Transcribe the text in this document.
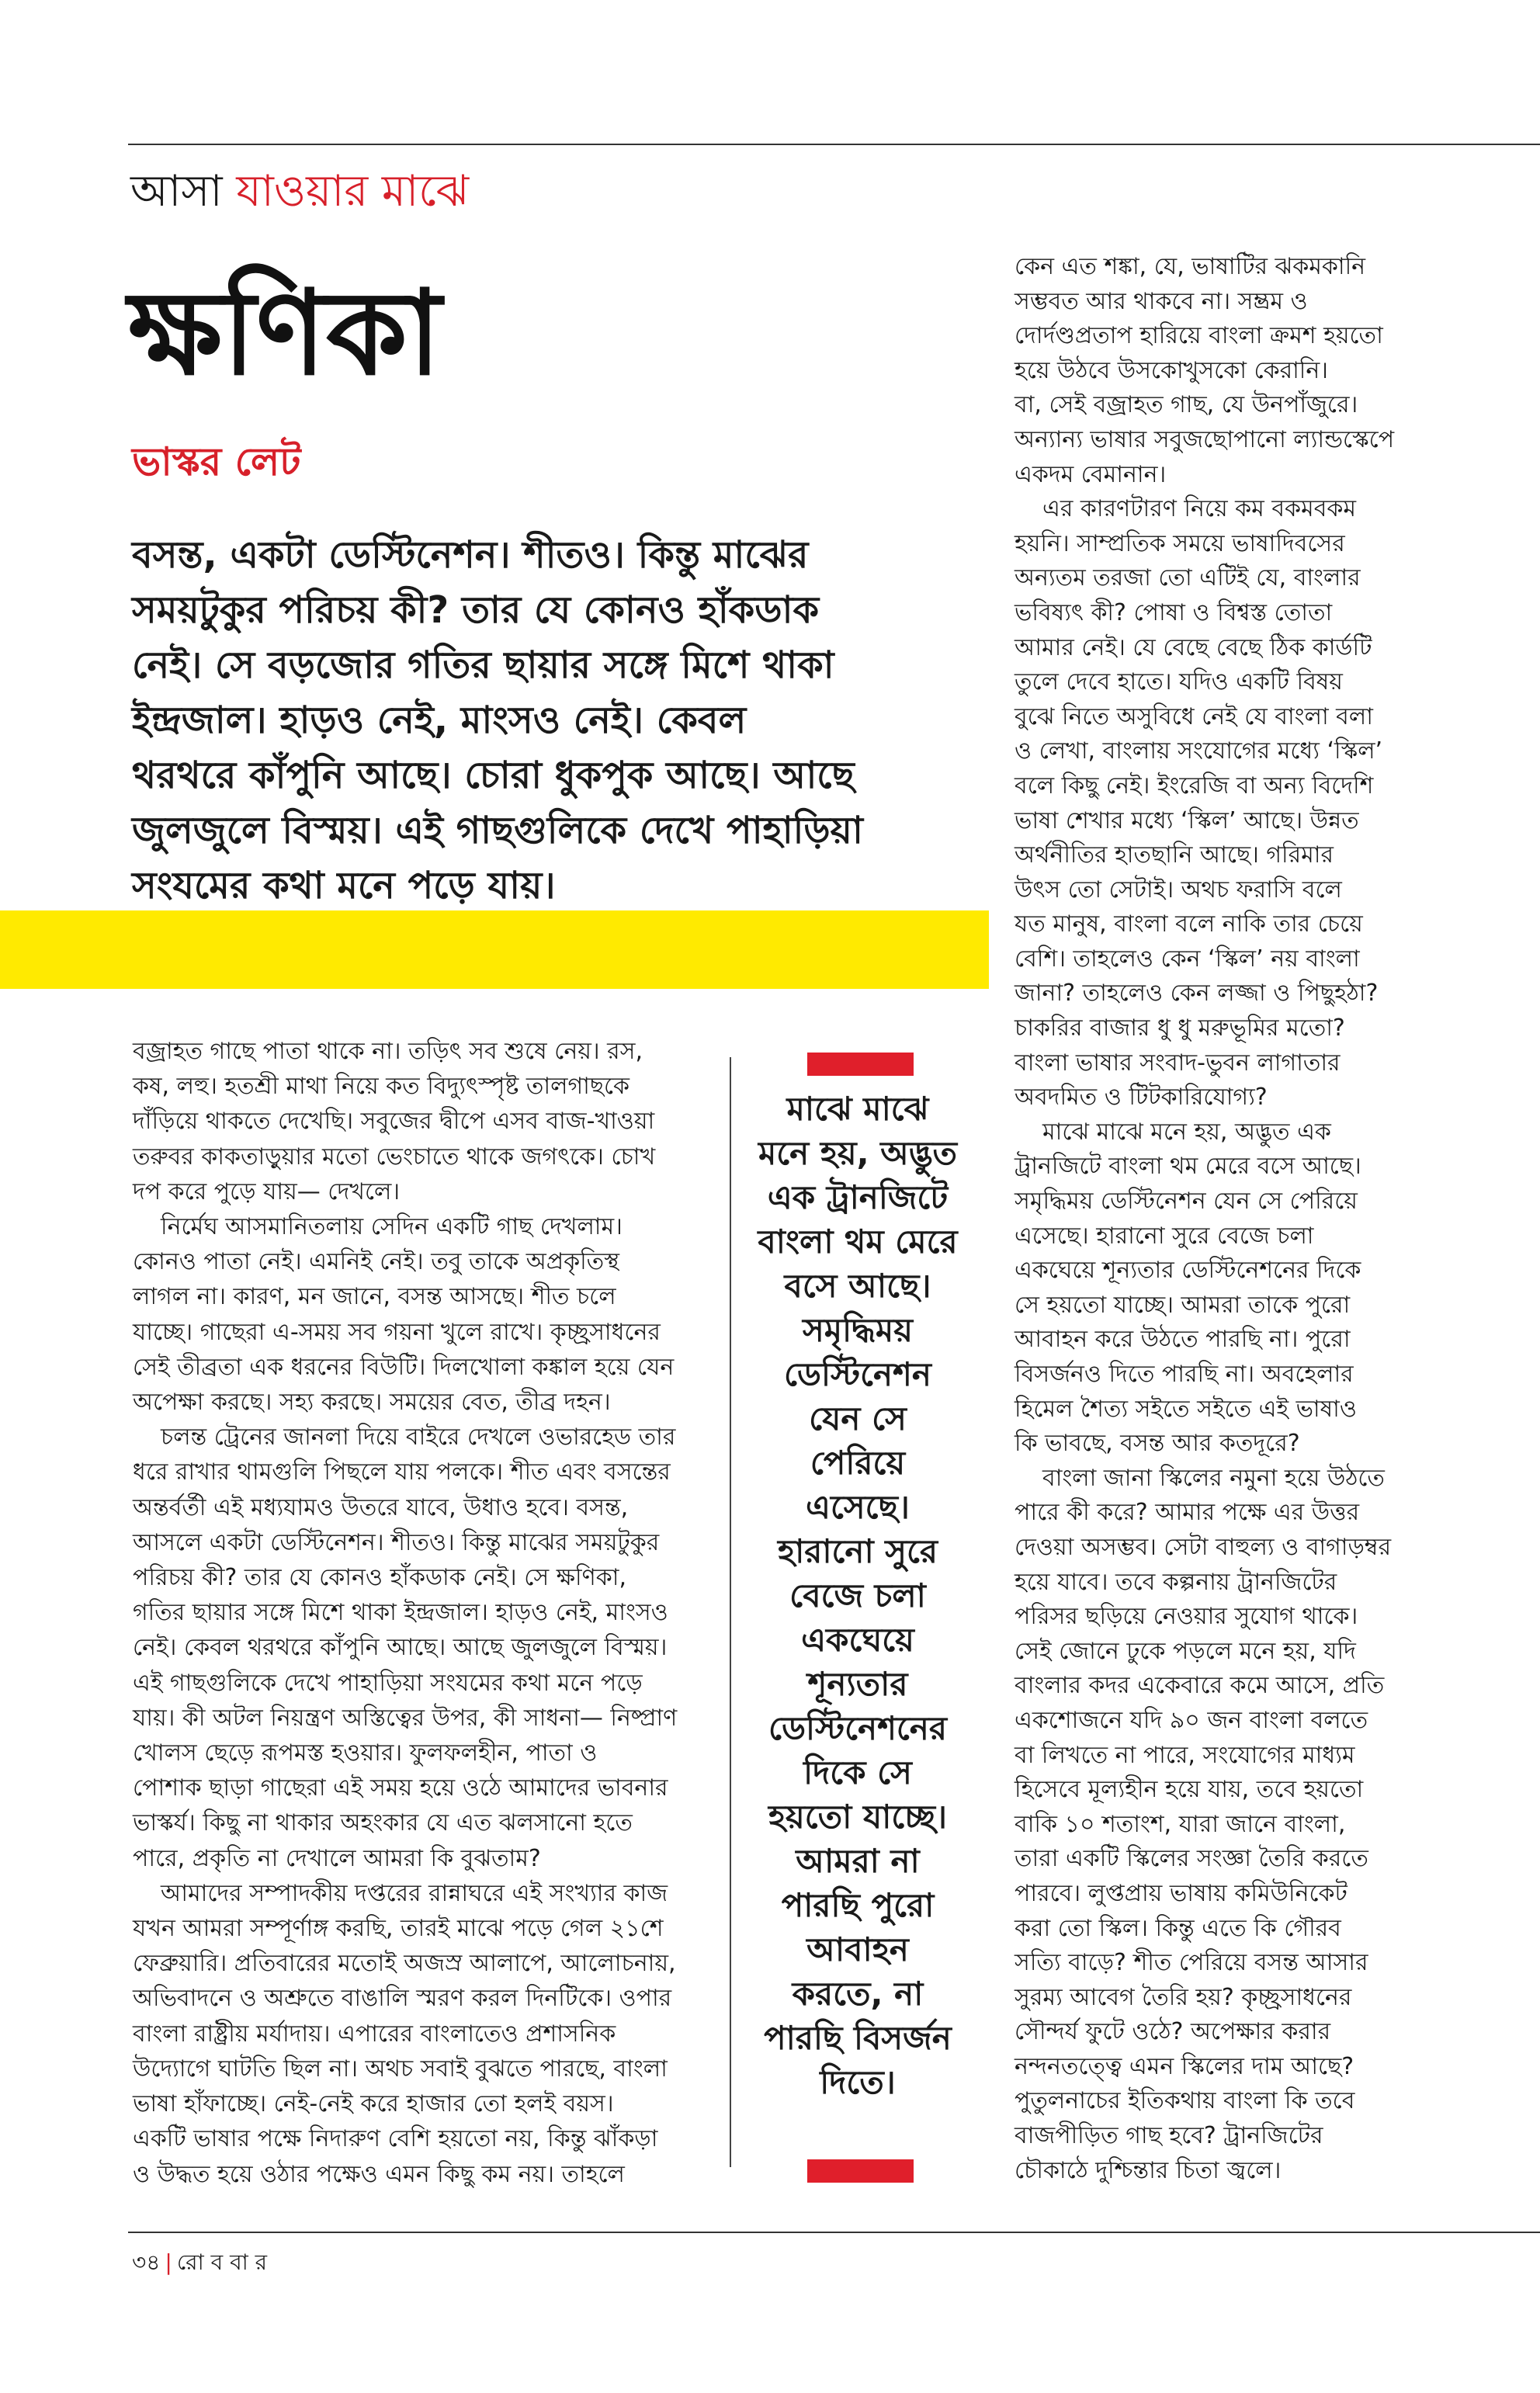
আসা যাওয়ার মাঝে
ক্ষণিকা
ভাস্কর লেট
বসন্ত, একটা ডেস্টিনেশন। শীতও। কিন্তু মাঝের
সময়টুকুর পরিচয় কী? তার যে কোনও হাঁকডাক
নেই। সে বড়জোর গতির ছায়ার সঙ্গে মিশে থাকা
ইন্দ্রজাল। হাড়ও নেই, মাংসও নেই। কেবল
থরথরে কাঁপুনি আছে। চোরা ধুকপুক আছে। আছে
জুলজুলে বিস্ময়। এই গাছগুলিকে দেখে পাহাড়িয়া
সংযমের কথা মনে পড়ে যায়।
বজ্রাহত গাছে পাতা থাকে না। তড়িৎ সব শুষে নেয়। রস,
কষ, লহু। হতশ্রী মাথা নিয়ে কত বিদ্যুৎস্পৃষ্ট তালগাছকে
দাঁড়িয়ে থাকতে দেখেছি। সবুজের দ্বীপে এসব বাজ-খাওয়া
তরুবর কাকতাড়ুয়ার মতো ভেংচাতে থাকে জগৎকে। চোখ
দপ করে পুড়ে যায়— দেখলে।
নির্মেঘ আসমানিতলায় সেদিন একটি গাছ দেখলাম।
কোনও পাতা নেই। এমনিই নেই। তবু তাকে অপ্রকৃতিস্থ
লাগল না। কারণ, মন জানে, বসন্ত আসছে। শীত চলে
যাচ্ছে। গাছেরা এ-সময় সব গয়না খুলে রাখে। কৃচ্ছ্রসাধনের
সেই তীব্রতা এক ধরনের বিউটি। দিলখোলা কঙ্কাল হয়ে যেন
অপেক্ষা করছে। সহ্য করছে। সময়ের বেত, তীব্র দহন।
চলন্ত ট্রেনের জানলা দিয়ে বাইরে দেখলে ওভারহেড তার
ধরে রাখার থামগুলি পিছলে যায় পলকে। শীত এবং বসন্তের
অন্তর্বর্তী এই মধ্যযামও উতরে যাবে, উধাও হবে। বসন্ত,
আসলে একটা ডেস্টিনেশন। শীতও। কিন্তু মাঝের সময়টুকুর
পরিচয় কী? তার যে কোনও হাঁকডাক নেই। সে ক্ষণিকা,
গতির ছায়ার সঙ্গে মিশে থাকা ইন্দ্রজাল। হাড়ও নেই, মাংসও
নেই। কেবল থরথরে কাঁপুনি আছে। আছে জুলজুলে বিস্ময়।
এই গাছগুলিকে দেখে পাহাড়িয়া সংযমের কথা মনে পড়ে
যায়। কী অটল নিয়ন্ত্রণ অস্তিত্বের উপর, কী সাধনা— নিষ্প্রাণ
খোলস ছেড়ে রূপমস্ত হওয়ার। ফুলফলহীন, পাতা ও
পোশাক ছাড়া গাছেরা এই সময় হয়ে ওঠে আমাদের ভাবনার
ভাস্কর্য। কিছু না থাকার অহংকার যে এত ঝলসানো হতে
পারে, প্রকৃতি না দেখালে আমরা কি বুঝতাম?
আমাদের সম্পাদকীয় দপ্তরের রান্নাঘরে এই সংখ্যার কাজ
যখন আমরা সম্পূর্ণাঙ্গ করছি, তারই মাঝে পড়ে গেল ২১শে
ফেব্রুয়ারি। প্রতিবারের মতোই অজস্র আলাপে, আলোচনায়,
অভিবাদনে ও অশ্রুতে বাঙালি স্মরণ করল দিনটিকে। ওপার
বাংলা রাষ্ট্রীয় মর্যাদায়। এপারের বাংলাতেও প্রশাসনিক
উদ্যোগে ঘাটতি ছিল না। অথচ সবাই বুঝতে পারছে, বাংলা
ভাষা হাঁফাচ্ছে। নেই-নেই করে হাজার তো হলই বয়স।
একটি ভাষার পক্ষে নিদারুণ বেশি হয়তো নয়, কিন্তু ঝাঁকড়া
ও উদ্ধত হয়ে ওঠার পক্ষেও এমন কিছু কম নয়। তাহলে
মাঝে মাঝে
মনে হয়, অদ্ভুত
এক ট্রানজিটে
বাংলা থম মেরে
বসে আছে।
সমৃদ্ধিময়
ডেস্টিনেশন
যেন সে
পেরিয়ে
এসেছে।
হারানো সুরে
বেজে চলা
একঘেয়ে
শূন্যতার
ডেস্টিনেশনের
দিকে সে
হয়তো যাচ্ছে।
আমরা না
পারছি পুরো
আবাহন
করতে, না
পারছি বিসর্জন
দিতে।
কেন এত শঙ্কা, যে, ভাষাটির ঝকমকানি
সম্ভবত আর থাকবে না। সম্ভ্রম ও
দোর্দণ্ডপ্রতাপ হারিয়ে বাংলা ক্রমশ হয়তো
হয়ে উঠবে উসকোখুসকো কেরানি।
বা, সেই বজ্রাহত গাছ, যে উনপাঁজুরে।
অন্যান্য ভাষার সবুজছোপানো ল্যান্ডস্কেপে
একদম বেমানান।
এর কারণটারণ নিয়ে কম বকমবকম
হয়নি। সাম্প্রতিক সময়ে ভাষাদিবসের
অন্যতম তরজা তো এটিই যে, বাংলার
ভবিষ্যৎ কী? পোষা ও বিশ্বস্ত তোতা
আমার নেই। যে বেছে বেছে ঠিক কার্ডটি
তুলে দেবে হাতে। যদিও একটি বিষয়
বুঝে নিতে অসুবিধে নেই যে বাংলা বলা
ও লেখা, বাংলায় সংযোগের মধ্যে ‘স্কিল’
বলে কিছু নেই। ইংরেজি বা অন্য বিদেশি
ভাষা শেখার মধ্যে ‘স্কিল’ আছে। উন্নত
অর্থনীতির হাতছানি আছে। গরিমার
উৎস তো সেটাই। অথচ ফরাসি বলে
যত মানুষ, বাংলা বলে নাকি তার চেয়ে
বেশি। তাহলেও কেন ‘স্কিল’ নয় বাংলা
জানা? তাহলেও কেন লজ্জা ও পিছুহঠা?
চাকরির বাজার ধু ধু মরুভূমির মতো?
বাংলা ভাষার সংবাদ-ভুবন লাগাতার
অবদমিত ও টিটকারিযোগ্য?
মাঝে মাঝে মনে হয়, অদ্ভুত এক
ট্রানজিটে বাংলা থম মেরে বসে আছে।
সমৃদ্ধিময় ডেস্টিনেশন যেন সে পেরিয়ে
এসেছে। হারানো সুরে বেজে চলা
একঘেয়ে শূন্যতার ডেস্টিনেশনের দিকে
সে হয়তো যাচ্ছে। আমরা তাকে পুরো
আবাহন করে উঠতে পারছি না। পুরো
বিসর্জনও দিতে পারছি না। অবহেলার
হিমেল শৈত্য সইতে সইতে এই ভাষাও
কি ভাবছে, বসন্ত আর কতদূরে?
বাংলা জানা স্কিলের নমুনা হয়ে উঠতে
পারে কী করে? আমার পক্ষে এর উত্তর
দেওয়া অসম্ভব। সেটা বাহুল্য ও বাগাড়ম্বর
হয়ে যাবে। তবে কল্পনায় ট্রানজিটের
পরিসর ছড়িয়ে নেওয়ার সুযোগ থাকে।
সেই জোনে ঢুকে পড়লে মনে হয়, যদি
বাংলার কদর একেবারে কমে আসে, প্রতি
একশোজনে যদি ৯০ জন বাংলা বলতে
বা লিখতে না পারে, সংযোগের মাধ্যম
হিসেবে মূল্যহীন হয়ে যায়, তবে হয়তো
বাকি ১০ শতাংশ, যারা জানে বাংলা,
তারা একটি স্কিলের সংজ্ঞা তৈরি করতে
পারবে। লুপ্তপ্রায় ভাষায় কমিউনিকেট
করা তো স্কিল। কিন্তু এতে কি গৌরব
সত্যি বাড়ে? শীত পেরিয়ে বসন্ত আসার
সুরম্য আবেগ তৈরি হয়? কৃচ্ছ্রসাধনের
সৌন্দর্য ফুটে ওঠে? অপেক্ষার করার
নন্দনতত্ত্বে এমন স্কিলের দাম আছে?
পুতুলনাচের ইতিকথায় বাংলা কি তবে
বাজপীড়িত গাছ হবে? ট্রানজিটের
চৌকাঠে দুশ্চিন্তার চিতা জ্বলে।
৩৪ | রো ব বা র
